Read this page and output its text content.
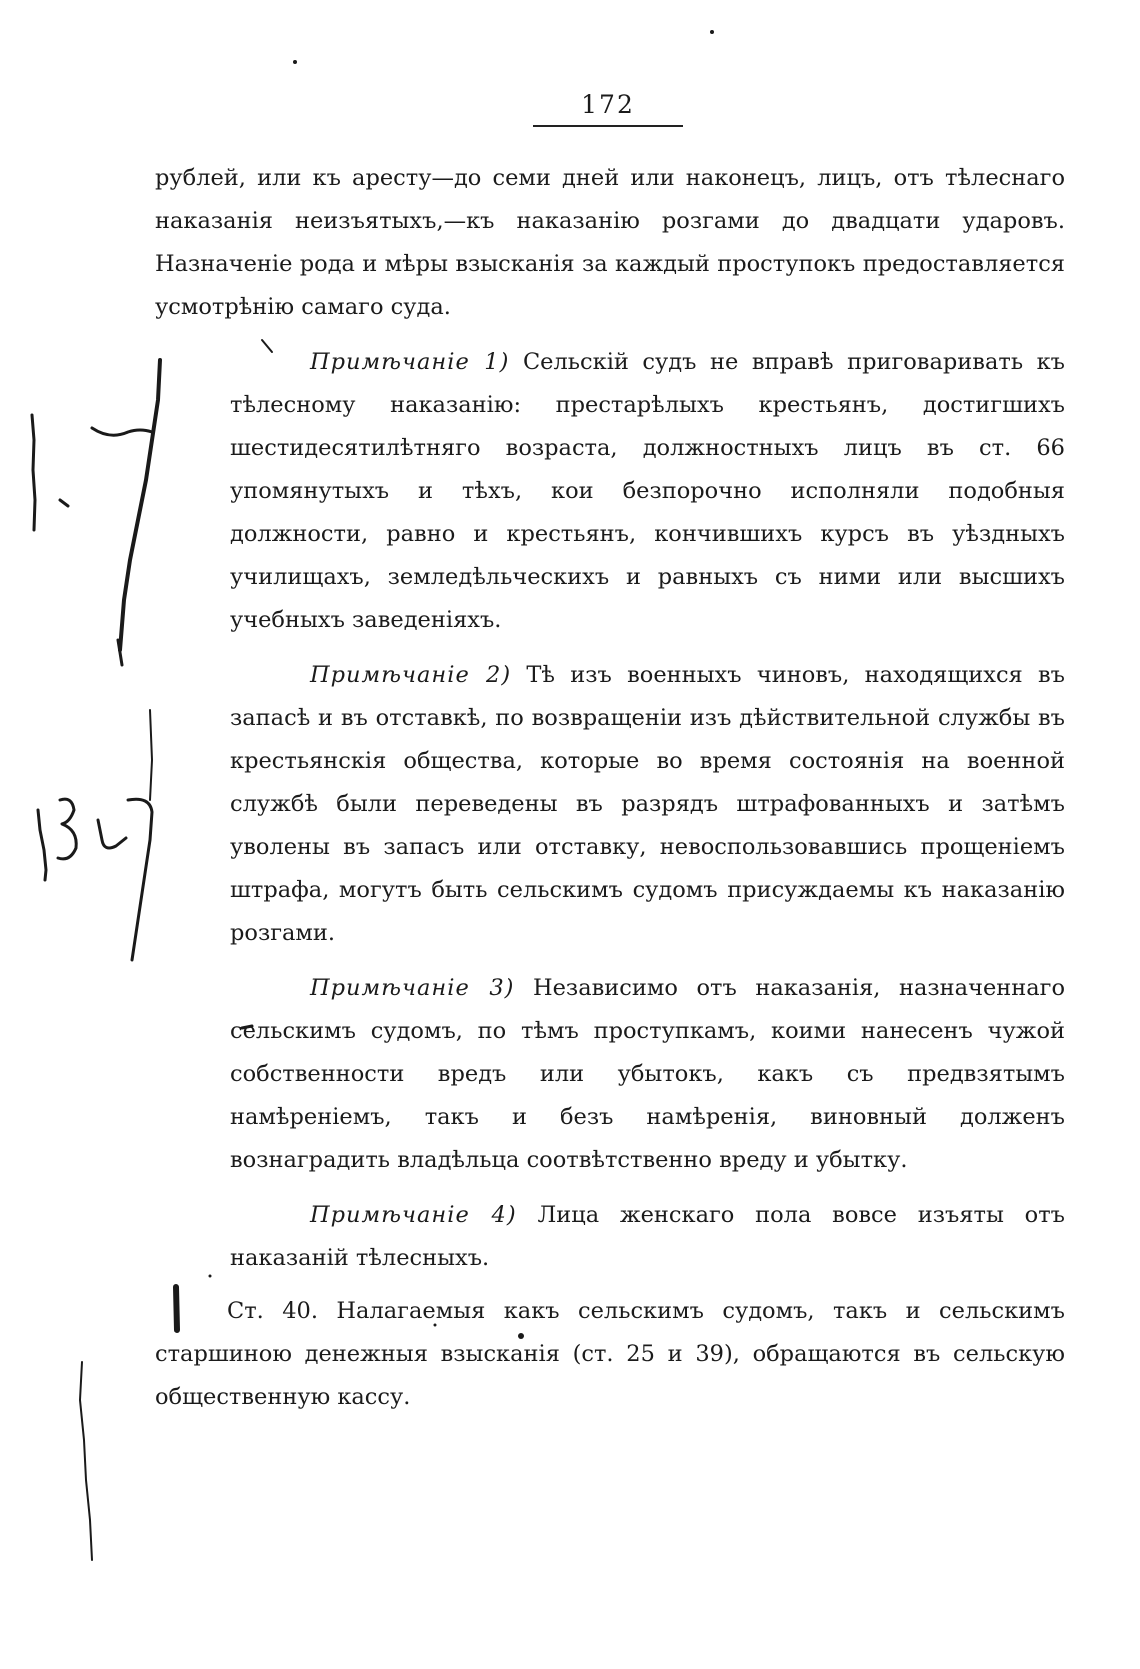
172

рублей, или къ аресту—до семи дней или наконецъ, лицъ, отъ тѣлеснаго наказанія неизъятыхъ,—къ наказанію розгами до двадцати ударовъ. Назначеніе рода и мѣры взысканія за каждый проступокъ предоставляется усмотрѣнію самаго суда.

Примѣчаніе 1) Сельскій судъ не вправѣ приговаривать къ тѣлесному наказанію: престарѣлыхъ крестьянъ, достигшихъ шестидесятилѣтняго возраста, должностныхъ лицъ въ ст. 66 упомянутыхъ и тѣхъ, кои безпорочно исполняли подобныя должности, равно и крестьянъ, кончившихъ курсъ въ уѣздныхъ училищахъ, земледѣльческихъ и равныхъ съ ними или высшихъ учебныхъ заведеніяхъ.

Примѣчаніе 2) Тѣ изъ военныхъ чиновъ, находящихся въ запасѣ и въ отставкѣ, по возвращеніи изъ дѣйствительной службы въ крестьянскія общества, которые во время состоянія на военной службѣ были переведены въ разрядъ штрафованныхъ и затѣмъ уволены въ запасъ или отставку, невоспользовавшись прощеніемъ штрафа, могутъ быть сельскимъ судомъ присуждаемы къ наказанію розгами.

Примѣчаніе 3) Независимо отъ наказанія, назначеннаго сельскимъ судомъ, по тѣмъ проступкамъ, коими нанесенъ чужой собственности вредъ или убытокъ, какъ съ предвзятымъ намѣреніемъ, такъ и безъ намѣренія, виновный долженъ вознаградить владѣльца соотвѣтственно вреду и убытку.

Примѣчаніе 4) Лица женскаго пола вовсе изъяты отъ наказаній тѣлесныхъ.

Ст. 40. Налагаемыя какъ сельскимъ судомъ, такъ и сельскимъ старшиною денежныя взысканія (ст. 25 и 39), обращаются въ сельскую общественную кассу.
